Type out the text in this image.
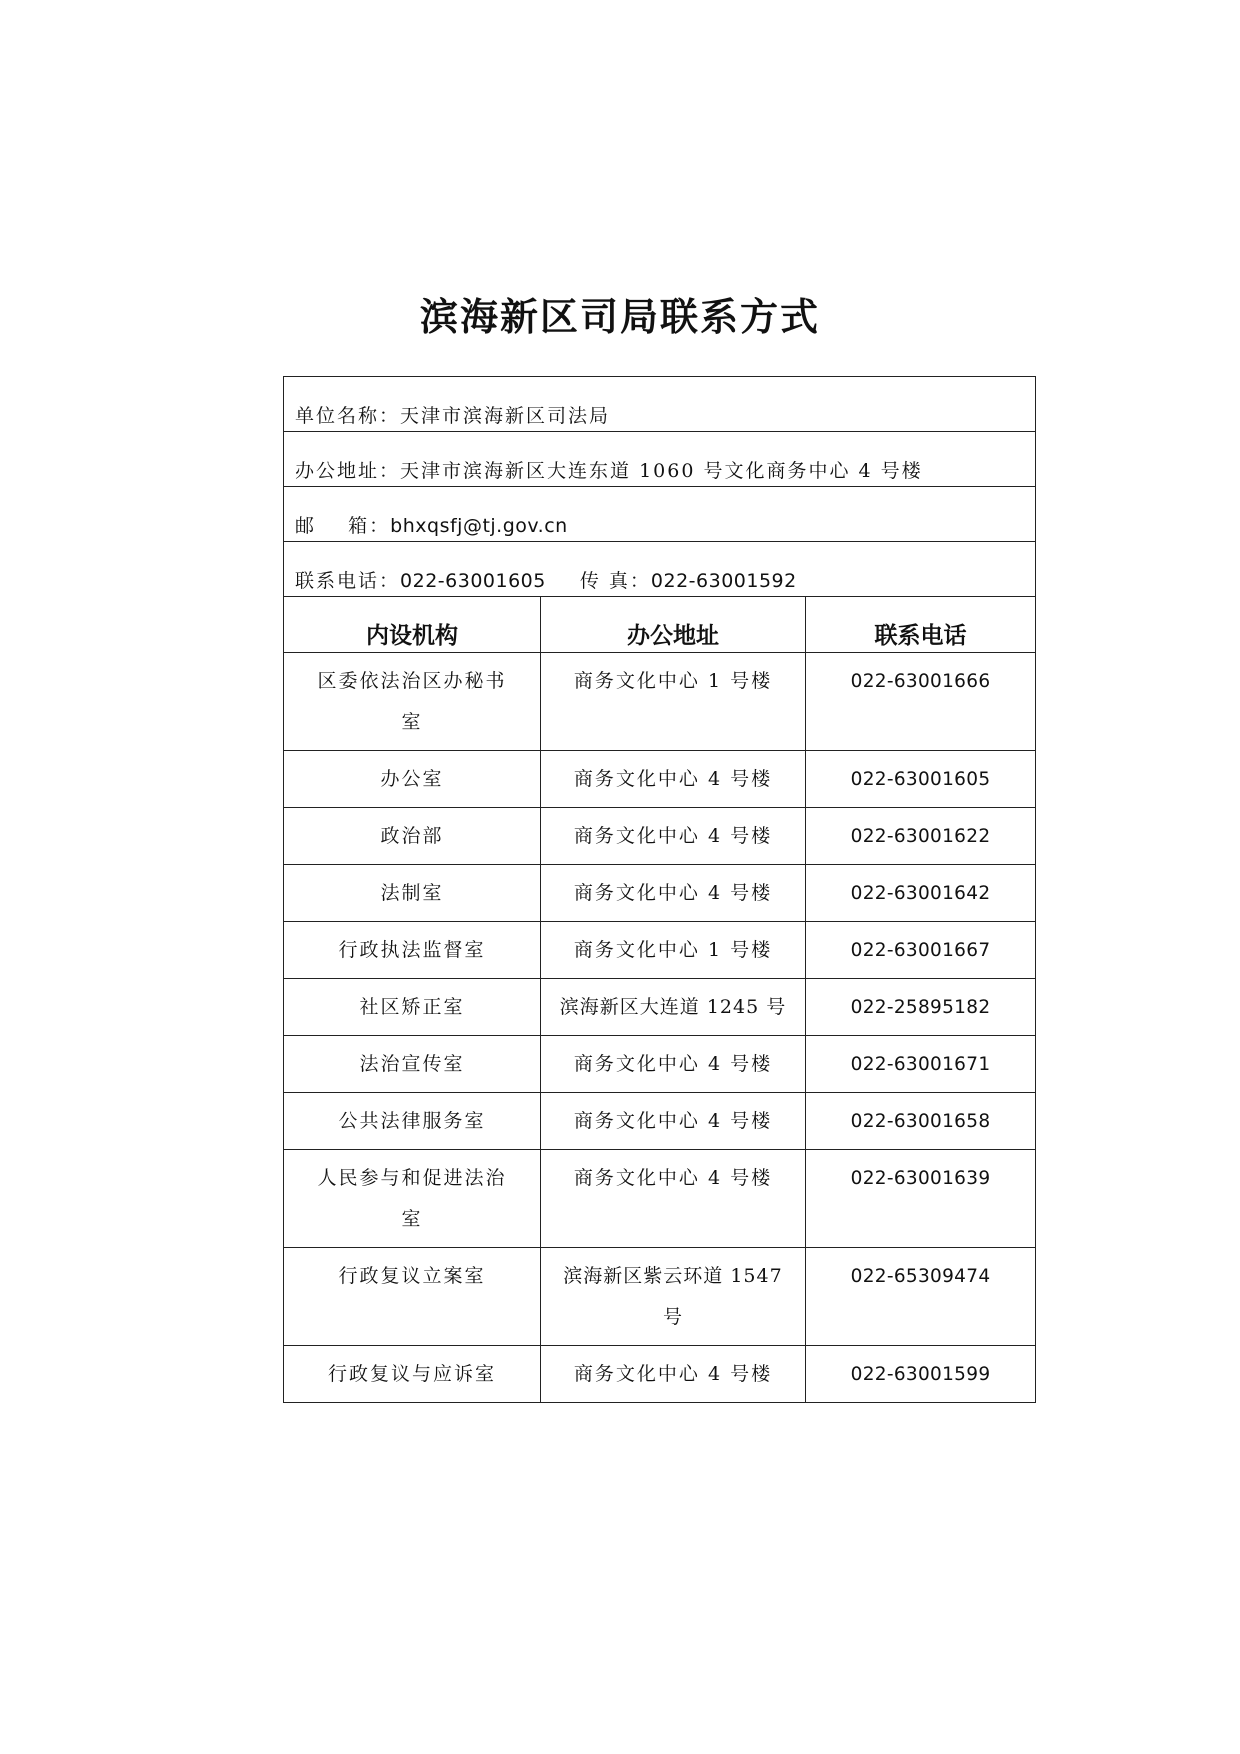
滨海新区司局联系方式
单位名称：天津市滨海新区司法局		
办公地址：天津市滨海新区大连东道 1060 号文化商务中心 4 号楼		
邮    箱：bhxqsfj@tj.gov.cn		
联系电话：022-63001605 传 真：022-63001592		
内设机构	办公地址	联系电话

区委依法治区办秘书室	商务文化中心 1 号楼	022-63001666
办公室	商务文化中心 4 号楼	022-63001605
政治部	商务文化中心 4 号楼	022-63001622
法制室	商务文化中心 4 号楼	022-63001642
行政执法监督室	商务文化中心 1 号楼	022-63001667
社区矫正室	滨海新区大连道 1245 号	022-25895182
法治宣传室	商务文化中心 4 号楼	022-63001671
公共法律服务室	商务文化中心 4 号楼	022-63001658

人民参与和促进法治室	商务文化中心 4 号楼	022-63001639
行政复议立案室	滨海新区紫云环道 1547 号	022-65309474
行政复议与应诉室	商务文化中心 4 号楼	022-63001599
